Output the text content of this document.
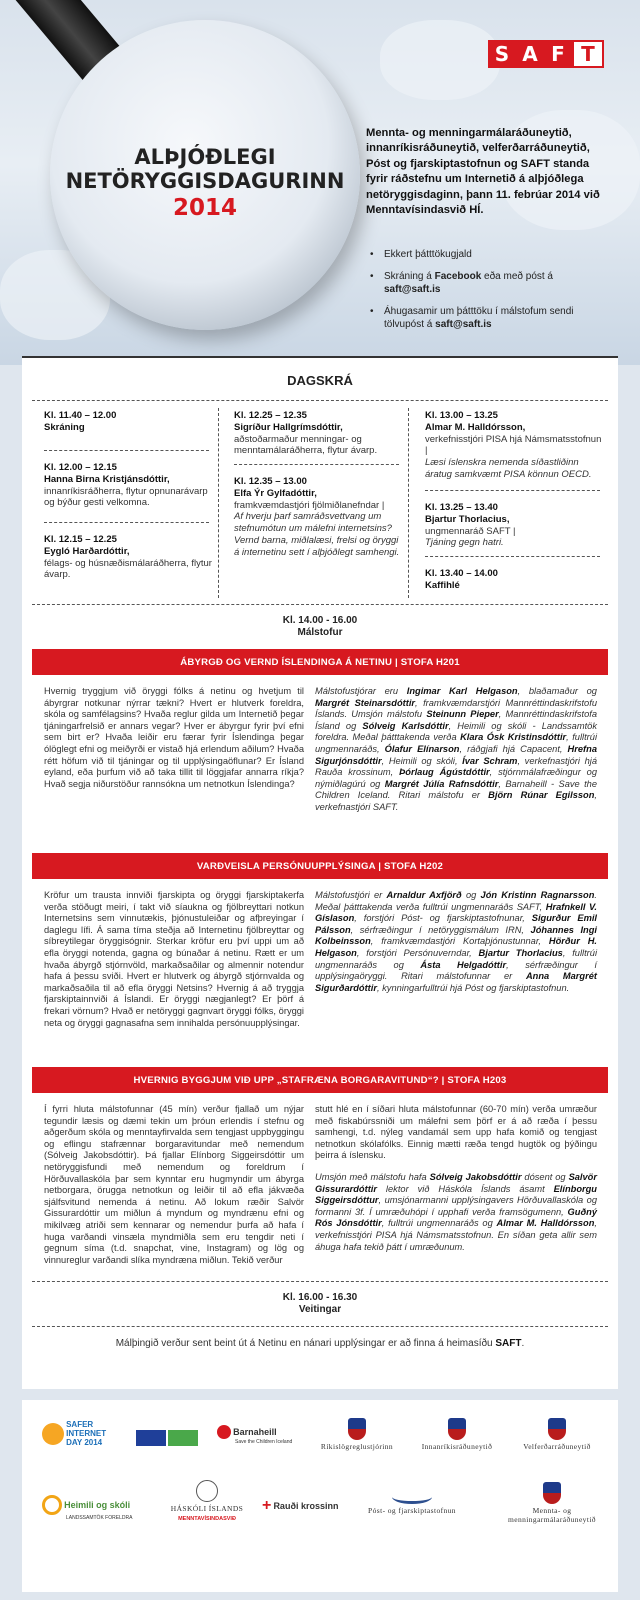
ALÞJÓÐLEGI
NETÖRYGGISDAGURINN
2014
S A F T
Mennta- og menningarmálaráðuneytið, innanríkisráðuneytið, velferðarráðuneytið, Póst og fjarskiptastofnun og SAFT standa fyrir ráðstefnu um Internetið á alþjóðlega netöryggisdaginn, þann 11. febrúar 2014 við Menntavísindasvið HÍ.
• Ekkert þátttökugjald
• Skráning á Facebook eða með póst á saft@saft.is
• Áhugasamir um þátttöku í málstofum sendi tölvupóst á saft@saft.is
DAGSKRÁ
Kl. 11.40 – 12.00
Skráning
Kl. 12.00 – 12.15
Hanna Birna Kristjánsdóttir,
innanríkisráðherra, flytur opnunarávarp og býður gesti velkomna.
Kl. 12.15 – 12.25
Eygló Harðardóttir,
félags- og húsnæðismálaráðherra, flytur ávarp.
Kl. 12.25 – 12.35
Sigríður Hallgrímsdóttir,
aðstoðarmaður menningar- og menntamálaráðherra, flytur ávarp.
Kl. 12.35 – 13.00
Elfa Ýr Gylfadóttir,
framkvæmdastjóri fjölmiðlanefndar |
Af hverju þarf samráðsvettvang um stefnumótun um málefni internetsins? Vernd barna, miðlalæsi, frelsi og öryggi á internetinu sett í alþjóðlegt samhengi.
Kl. 13.00 – 13.25
Almar M. Halldórsson,
verkefnisstjóri PISA hjá Námsmatsstofnun |
Læsi íslenskra nemenda síðastliðinn áratug samkvæmt PISA könnun OECD.
Kl. 13.25 – 13.40
Bjartur Thorlacius,
ungmennaráð SAFT |
Tjáning gegn hatri.
Kl. 13.40 – 14.00
Kaffihlé
Kl. 14.00 - 16.00
Málstofur
ÁBYRGÐ OG VERND ÍSLENDINGA Á NETINU | STOFA H201
Hvernig tryggjum við öryggi fólks á netinu og hvetjum til ábyrgrar notkunar nýrrar tækni? Hvert er hlutverk foreldra, skóla og samfélagsins? Hvaða reglur gilda um Internetið þegar tjáningarfrelsið er annars vegar? Hver er ábyrgur fyrir því efni sem birt er? Hvaða leiðir eru færar fyrir Íslendinga þegar ólöglegt efni og meiðyrði er vistað hjá erlendum aðilum? Hvaða rétt höfum við til tjáningar og til upplýsingaöflunar? Er Ísland eyland, eða þurfum við að taka tillit til löggjafar annarra ríkja? Hvað segja niðurstöður rannsókna um netnotkun Íslendinga?
Málstofustjórar eru Ingimar Karl Helgason, blaðamaður og Margrét Steinarsdóttir, framkvæmdarstjóri Mannréttindaskrifstofu Íslands. Umsjón málstofu Steinunn Pieper, Mannréttindaskrifstofa Ísland og Sólveig Karlsdóttir, Heimili og skóli - Landssamtök foreldra. Meðal þátttakenda verða Klara Ósk Kristinsdóttir, fulltrúi ungmennaráðs, Ólafur Elínarson, ráðgjafi hjá Capacent, Hrefna Sigurjónsdóttir, Heimili og skóli, Ívar Schram, verkefnastjóri hjá Rauða krossinum, Þórlaug Ágústdóttir, stjórnmálafræðingur og nýmiðlagúrú og Margrét Júlía Rafnsdóttir, Barnaheill - Save the Children Iceland. Ritari málstofu er Björn Rúnar Egilsson, verkefnastjóri SAFT.
VARÐVEISLA PERSÓNUUPPLÝSINGA | STOFA H202
Kröfur um trausta innviði fjarskipta og öryggi fjarskiptakerfa verða stöðugt meiri, í takt við síaukna og fjölbreyttari notkun Internetsins sem vinnutækis, þjónustuleiðar og afþreyingar í daglegu lífi. Á sama tíma steðja að Internetinu fjölbreyttar og síbreytilegar öryggisógnir. Sterkar kröfur eru því uppi um að efla öryggi notenda, gagna og búnaðar á netinu. Rætt er um hvaða ábyrgð stjórnvöld, markaðsaðilar og almennir notendur hafa á þessu sviði. Hvert er hlutverk og ábyrgð stjórnvalda og markaðsaðila til að efla öryggi Netsins? Hvernig á að tryggja fjarskiptainnviði á Íslandi. Er öryggi nægjanlegt? Er þörf á frekari vörnum? Hvað er netöryggi gagnvart öryggi fólks, öryggi neta og öryggi gagnasafna sem innihalda persónuupplýsingar.
Málstofustjóri er Arnaldur Axfjörð og Jón Kristinn Ragnarsson. Meðal þátttakenda verða fulltrúi ungmennaráðs SAFT, Hrafnkell V. Gíslason, forstjóri Póst- og fjarskiptastofnunar, Sigurður Emil Pálsson, sérfræðingur í netöryggismálum IRN, Jóhannes Ingi Kolbeinsson, framkvæmdastjóri Kortaþjónustunnar, Hörður H. Helgason, forstjóri Persónuverndar, Bjartur Thorlacius, fulltrúi ungmennaráðs og Ásta Helgadóttir, sérfræðingur í upplýsingaöryggi. Ritari málstofunnar er Anna Margrét Sigurðardóttir, kynningarfulltrúi hjá Póst og fjarskiptastofnun.
HVERNIG BYGGJUM VIÐ UPP „STAFRÆNA BORGARAVITUND“? | STOFA H203
Í fyrri hluta málstofunnar (45 mín) verður fjallað um nýjar tegundir læsis og dæmi tekin um þróun erlendis í stefnu og aðgerðum skóla og menntayfirvalda sem tengjast uppbyggingu og eflingu stafrænnar borgaravitundar með nemendum (Sólveig Jakobsdóttir). Þá fjallar Elínborg Siggeirsdóttir um netöryggisfundi með nemendum og foreldrum í Hörðuvallaskóla þar sem kynntar eru hugmyndir um ábyrga netborgara, örugga netnotkun og leiðir til að efla jákvæða sjálfsvitund nemenda á netinu. Að lokum ræðir Salvör Gissurardóttir um miðlun á myndum og myndrænu efni og mikilvæg atriði sem kennarar og nemendur þurfa að hafa í huga varðandi vinsæla myndmiðla sem eru tengdir neti í gegnum síma (t.d. snapchat, vine, Instagram) og lög og vinnureglur varðandi slíka myndræna miðlun. Tekið verður

stutt hlé en í síðari hluta málstofunnar (60-70 mín) verða umræður með fiskabúrssniði um málefni sem þörf er á að ræða í þessu samhengi, t.d. nýleg vandamál sem upp hafa komið og tengjast netnotkun skólafólks. Einnig mætti ræða tengd hugtök og þýðingu þeirra á íslensku.

Umsjón með málstofu hafa Sólveig Jakobsdóttir dósent og Salvör Gissurardóttir lektor við Háskóla Íslands ásamt Elínborgu Siggeirsdóttur, umsjónarmanni upplýsingavers Hörðuvallaskóla og formanni 3f. Í umræðuhópi í upphafi verða framsögumenn, Guðný Rós Jónsdóttir, fulltrúi ungmennaráðs og Almar M. Halldórsson, verkefnisstjóri PISA hjá Námsmatsstofnun. En síðan geta allir sem áhuga hafa tekið þátt í umræðunum.

Kl. 16.00 - 16.30
Veitingar
Málþingið verður sent beint út á Netinu en nánari upplýsingar er að finna á heimasíðu SAFT.
SAFER
INTERNET
DAY 2014

Barnaheill
Save the Children Iceland	Ríkislögreglustjórinn	Innanríkisráðuneytið	Velferðarráðuneytið
Heimili og skóli
LANDSSAMTÖK FORELDRA

HÁSKÓLI ÍSLANDS
MENNTAVÍSINDASVIÐ
+ Rauði krossinn	Póst- og fjarskiptastofnun	Mennta- og
menningarmálaráðuneytið
